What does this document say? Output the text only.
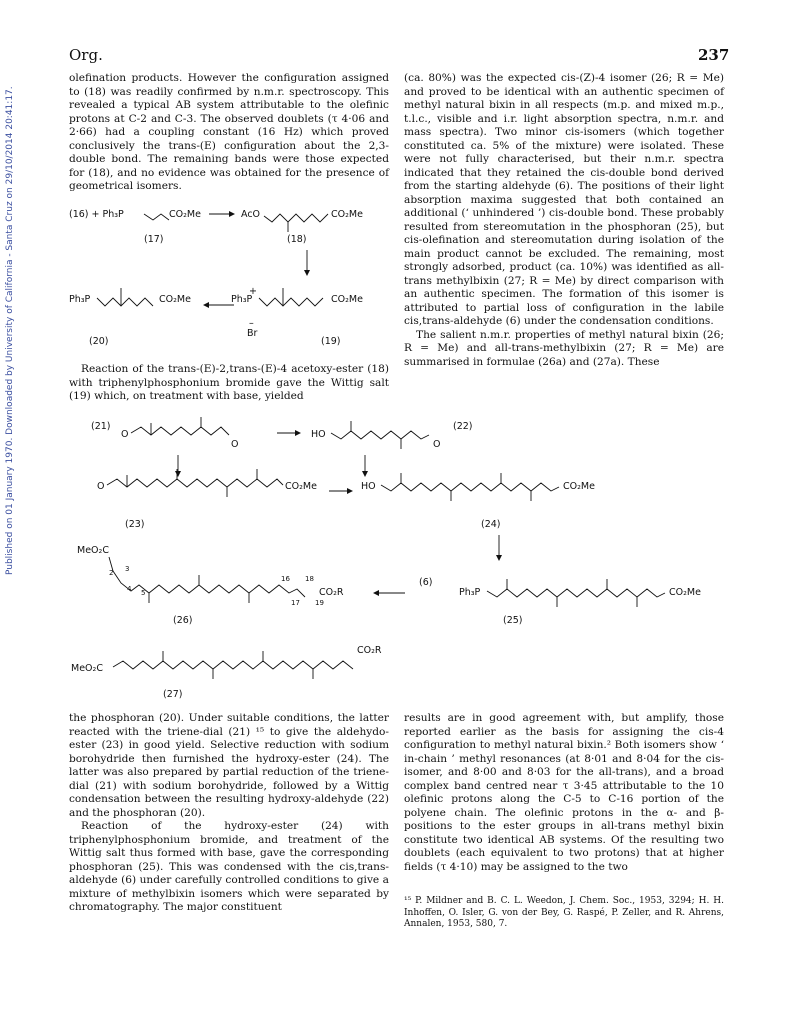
Org.	237
Published on 01 January 1970. Downloaded by University of California - Santa Cruz on 29/10/2014 20:41:17.

olefination products. However the configuration assigned to (18) was readily confirmed by n.m.r. spectroscopy. This revealed a typical AB system attributable to the olefinic protons at C-2 and C-3. The observed doublets (τ 4·06 and 2·66) had a coupling constant (16 Hz) which proved conclusively the trans-(E) configuration about the 2,3-double bond. The remaining bands were those expected for (18), and no evidence was obtained for the presence of geometrical isomers.

(ca. 80%) was the expected cis-(Z)-4 isomer (26; R = Me) and proved to be identical with an authentic specimen of methyl natural bixin in all respects (m.p. and mixed m.p., t.l.c., visible and i.r. light absorption spectra, n.m.r. and mass spectra). Two minor cis-isomers (which together constituted ca. 5% of the mixture) were isolated. These were not fully characterised, but their n.m.r. spectra indicated that they retained the cis-double bond derived from the starting aldehyde (6). The positions of their light absorption maxima suggested that both contained an additional (‘ unhindered ’) cis-double bond. These probably resulted from stereomutation in the phosphoran (25), but cis-olefination and stereomutation during isolation of the main product cannot be excluded. The remaining, most strongly adsorbed, product (ca. 10%) was identified as all-trans methylbixin (27; R = Me) by direct comparison with an authentic specimen. The formation of this isomer is attributed to partial loss of configuration in the labile cis,trans-aldehyde (6) under the condensation conditions.

The salient n.m.r. properties of methyl natural bixin (26; R = Me) and all-trans-methylbixin (27; R = Me) are summarised in formulae (26a) and (27a). These

(16) + Ph₃P	CO₂Me
(17)
AcO	CO₂Me
(18)
+
Ph₃P	CO₂Me
–
Br
(19)
Ph₃P	CO₂Me
(20)

Reaction of the trans-(E)-2,trans-(E)-4 acetoxy-ester (18) with triphenylphosphonium bromide gave the Wittig salt (19) which, on treatment with base, yielded

(21)
O
O
HO
O
(22)
O	CO₂Me	HO	CO₂Me
(23)	(24)
MeO₂C
2 3
4 5
16 18
17 19
CO₂R
(6)
(26)
Ph₃P	CO₂Me
(25)
MeO₂C
CO₂R
(27)

the phosphoran (20). Under suitable conditions, the latter reacted with the triene-dial (21) ¹⁵ to give the aldehydo-ester (23) in good yield. Selective reduction with sodium borohydride then furnished the hydroxy-ester (24). The latter was also prepared by partial reduction of the triene-dial (21) with sodium borohydride, followed by a Wittig condensation between the resulting hydroxy-aldehyde (22) and the phosphoran (20).

Reaction of the hydroxy-ester (24) with triphenylphosphonium bromide, and treatment of the Wittig salt thus formed with base, gave the corresponding phosphoran (25). This was condensed with the cis,trans-aldehyde (6) under carefully controlled conditions to give a mixture of methylbixin isomers which were separated by chromatography. The major constituent

results are in good agreement with, but amplify, those reported earlier as the basis for assigning the cis-4 configuration to methyl natural bixin.² Both isomers show ‘ in-chain ’ methyl resonances (at 8·01 and 8·04 for the cis-isomer, and 8·00 and 8·03 for the all-trans), and a broad complex band centred near τ 3·45 attributable to the 10 olefinic protons along the C-5 to C-16 portion of the polyene chain. The olefinic protons in the α- and β-positions to the ester groups in all-trans methyl bixin constitute two identical AB systems. Of the resulting two doublets (each equivalent to two protons) that at higher fields (τ 4·10) may be assigned to the two

¹⁵ P. Mildner and B. C. L. Weedon, J. Chem. Soc., 1953, 3294; H. H. Inhoffen, O. Isler, G. von der Bey, G. Raspé, P. Zeller, and R. Ahrens, Annalen, 1953, 580, 7.
